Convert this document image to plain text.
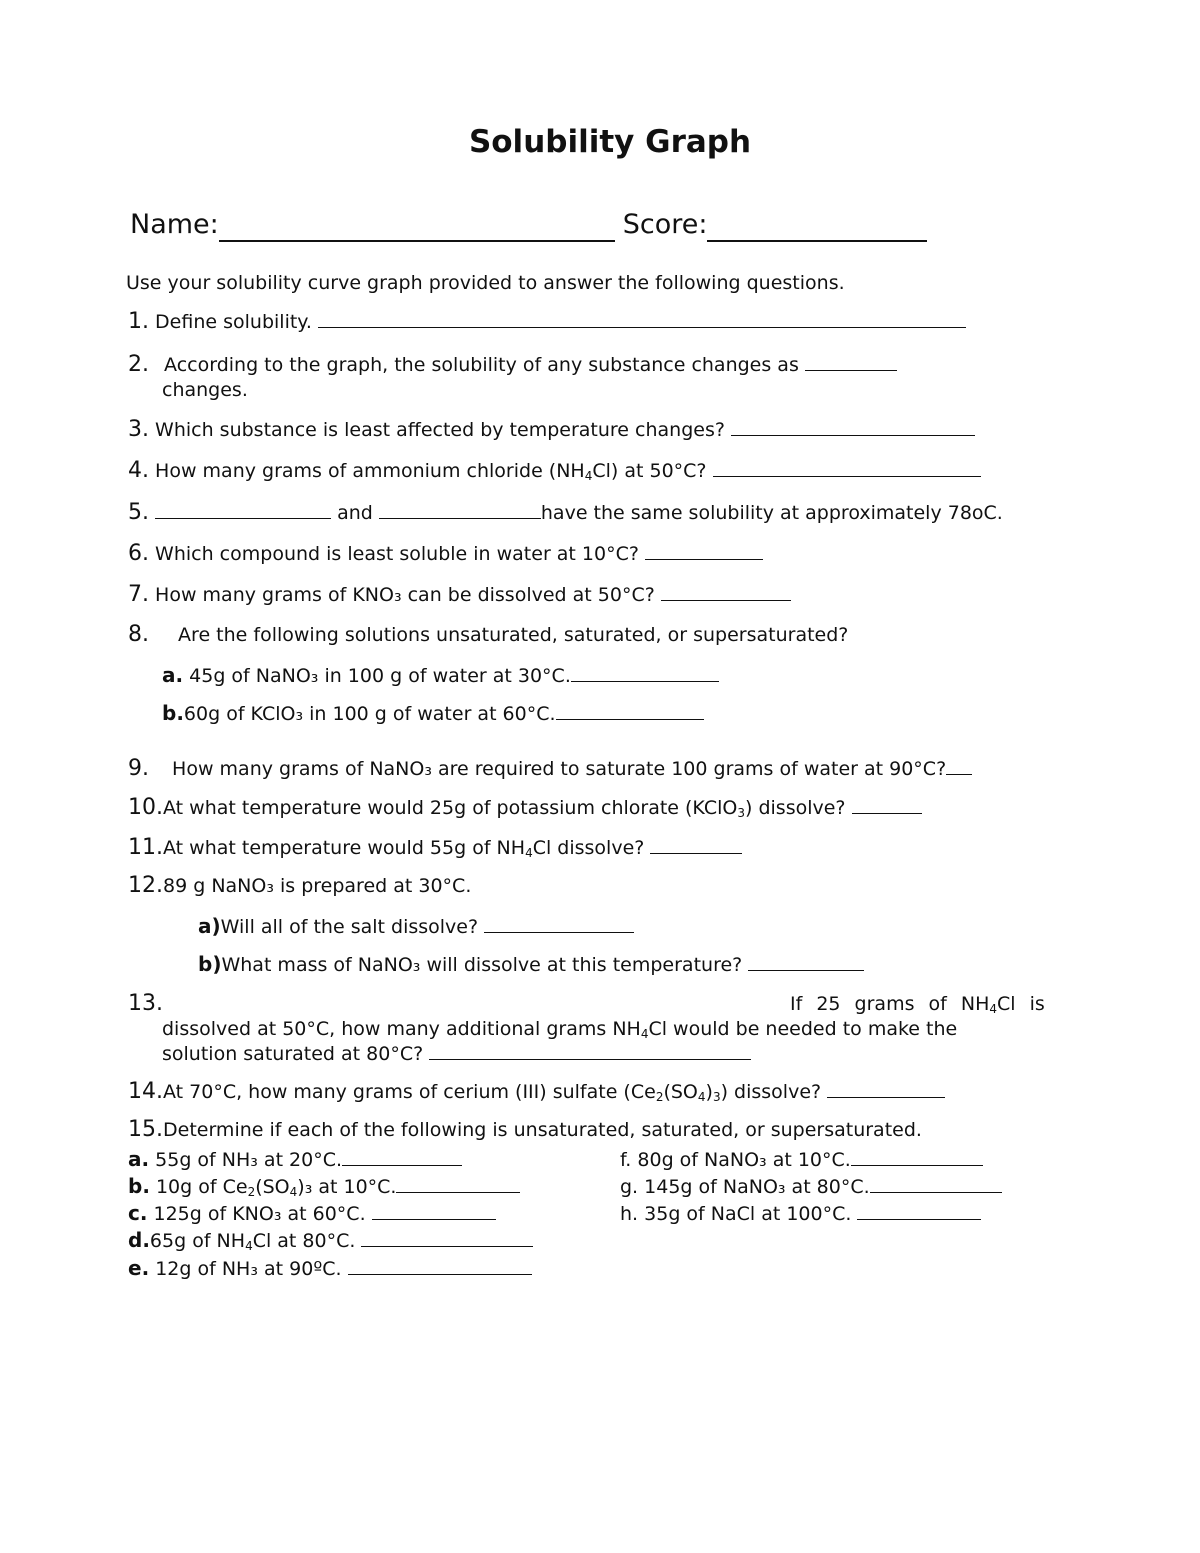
Solubility Graph
Name:	Score:
Use your solubility curve graph provided to answer the following questions.
1. Define solubility.
2. According to the graph, the solubility of any substance changes as
changes.
3. Which substance is least affected by temperature changes?
4. How many grams of ammonium chloride $(NH_4Cl)$ at 50°C?
5.	and	have the same solubility at approximately 78oC.
6. Which compound is least soluble in water at 10°C?
7. How many grams of KNO₃ can be dissolved at 50°C?
8. Are the following solutions unsaturated, saturated, or supersaturated?
a. 45g of NaNO₃ in 100 g of water at 30°C.
b.60g of KClO₃ in 100 g of water at 60°C.
9. How many grams of NaNO₃ are required to saturate 100 grams of water at 90°C?
10.At what temperature would 25g of potassium chlorate (KClO$_3$) dissolve?
11.At what temperature would 55g of $NH_4Cl$ dissolve?
12.89 g NaNO₃ is prepared at 30°C.
a)Will all of the salt dissolve?
b)What mass of NaNO₃ will dissolve at this temperature?
13.	If 25 grams of $NH_4Cl$ is
dissolved at 50°C, how many additional grams $NH_4Cl$ would be needed to make the
solution saturated at 80°C?
14.At 70°C, how many grams of cerium (III) sulfate $(Ce_2(SO_4)_3)$ dissolve?
15.Determine if each of the following is unsaturated, saturated, or supersaturated.
a. 55g of NH₃ at 20°C.
b. 10g of $Ce_2(SO_4)_3$ at 10°C.
c. 125g of KNO₃ at 60°C.
d.65g of $NH_4Cl$ at 80°C.
e. 12g of NH₃ at 90ºC.
f. 80g of NaNO₃ at 10°C.
g. 145g of NaNO₃ at 80°C.
h. 35g of NaCl at 100°C.
